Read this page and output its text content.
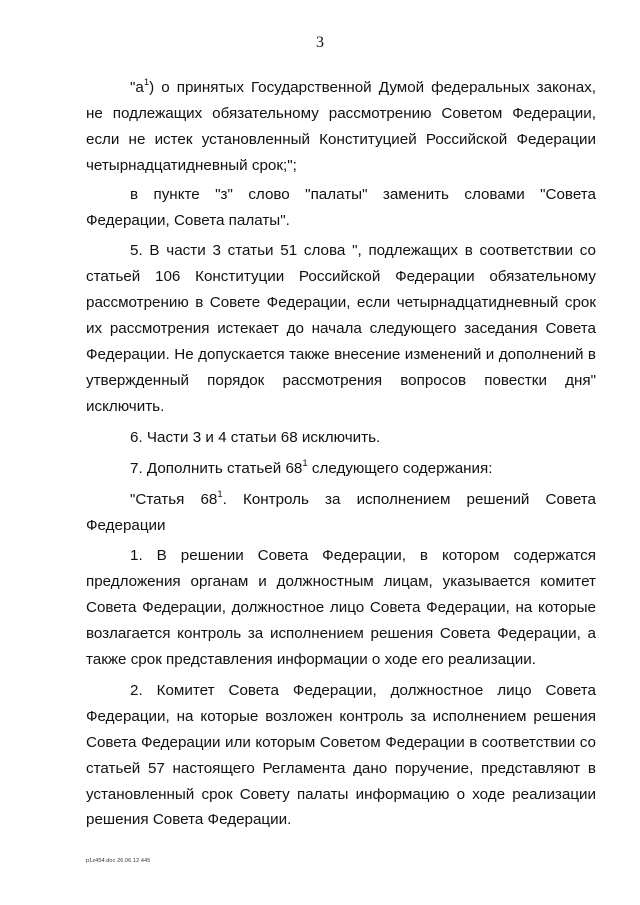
3

"$а^1$) о принятых Государственной Думой федеральных законах, не подлежащих обязательному рассмотрению Советом Федерации, если не истек установленный Конституцией Российской Федерации четырнадцатидневный срок;";

в пункте "з" слово "палаты" заменить словами "Совета Федерации, Совета палаты".

5. В части 3 статьи 51 слова ", подлежащих в соответствии со статьей 106 Конституции Российской Федерации обязательному рассмотрению в Совете Федерации, если четырнадцатидневный срок их рассмотрения истекает до начала следующего заседания Совета Федерации. Не допускается также внесение изменений и дополнений в утвержденный порядок рассмотрения вопросов повестки дня" исключить.

6. Части 3 и 4 статьи 68 исключить.

7. Дополнить статьей $68^1$ следующего содержания:

"Статья $68^1$. Контроль за исполнением решений Совета Федерации

1. В решении Совета Федерации, в котором содержатся предложения органам и должностным лицам, указывается комитет Совета Федерации, должностное лицо Совета Федерации, на которые возлагается контроль за исполнением решения Совета Федерации, а также срок представления информации о ходе его реализации.

2. Комитет Совета Федерации, должностное лицо Совета Федерации, на которые возложен контроль за исполнением решения Совета Федерации или которым Советом Федерации в соответствии со статьей 57 настоящего Регламента дано поручение, представляют в установленный срок Совету палаты информацию о ходе реализации решения Совета Федерации.

p1z454.doc 26.06.12 445
